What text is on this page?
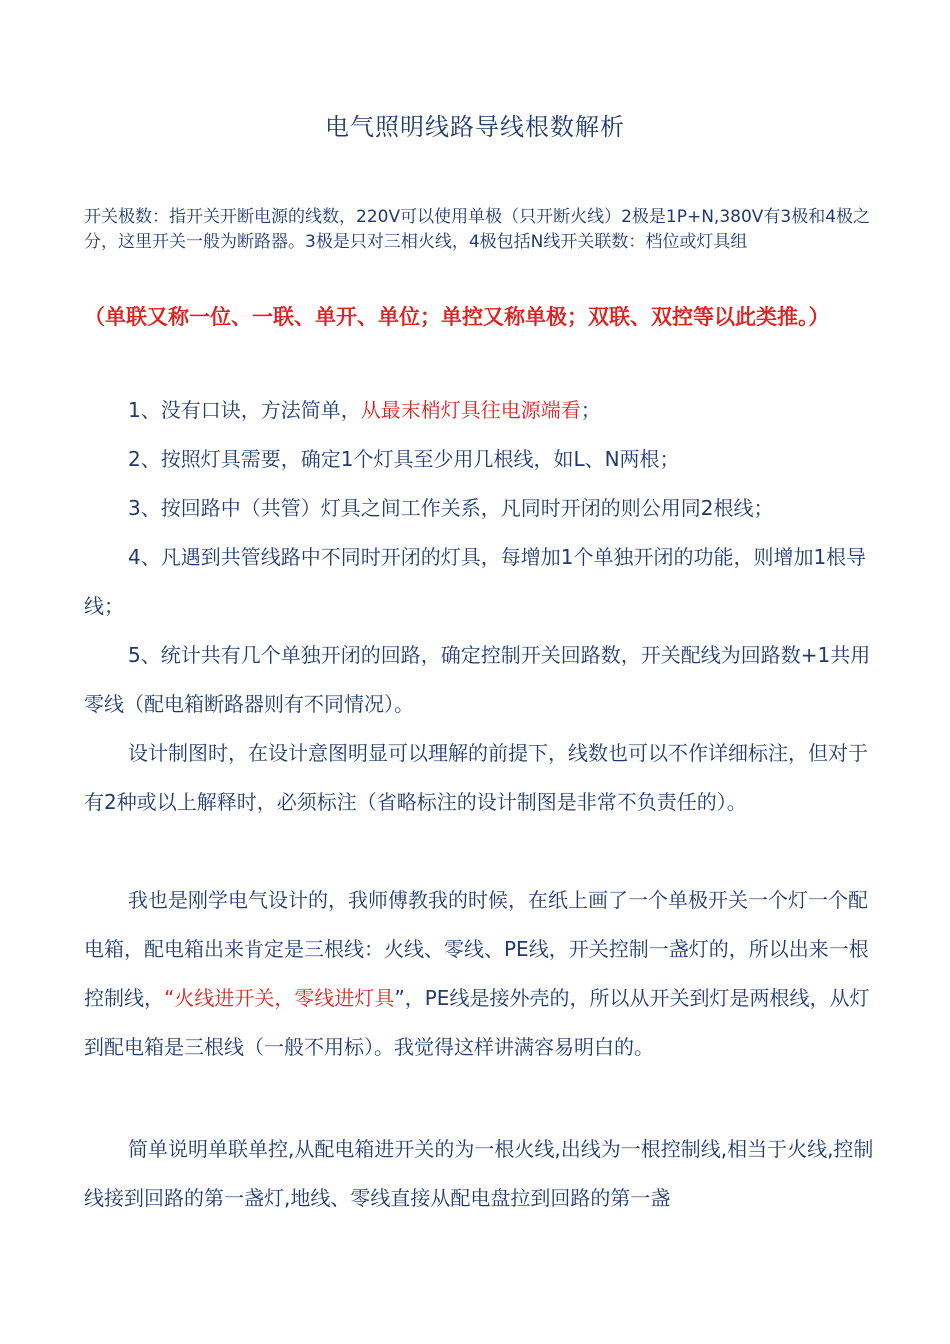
电气照明线路导线根数解析

开关极数：指开关开断电源的线数，220V可以使用单极（只开断火线）2极是1P+N,380V有3极和4极之分，这里开关一般为断路器。3极是只对三相火线，4极包括N线开关联数：档位或灯具组

（单联又称一位、一联、单开、单位；单控又称单极；双联、双控等以此类推。）

1、没有口诀，方法简单，从最末梢灯具往电源端看；

2、按照灯具需要，确定1个灯具至少用几根线，如L、N两根；

3、按回路中（共管）灯具之间工作关系，凡同时开闭的则公用同2根线；

4、凡遇到共管线路中不同时开闭的灯具，每增加1个单独开闭的功能，则增加1根导线；

5、统计共有几个单独开闭的回路，确定控制开关回路数，开关配线为回路数+1共用零线（配电箱断路器则有不同情况）。

设计制图时，在设计意图明显可以理解的前提下，线数也可以不作详细标注，但对于有2种或以上解释时，必须标注（省略标注的设计制图是非常不负责任的）。

我也是刚学电气设计的，我师傅教我的时候，在纸上画了一个单极开关一个灯一个配电箱，配电箱出来肯定是三根线：火线、零线、PE线，开关控制一盏灯的，所以出来一根控制线，“火线进开关，零线进灯具”，PE线是接外壳的，所以从开关到灯是两根线，从灯到配电箱是三根线（一般不用标）。我觉得这样讲满容易明白的。

简单说明单联单控,从配电箱进开关的为一根火线,出线为一根控制线,相当于火线,控制线接到回路的第一盏灯,地线、零线直接从配电盘拉到回路的第一盏
